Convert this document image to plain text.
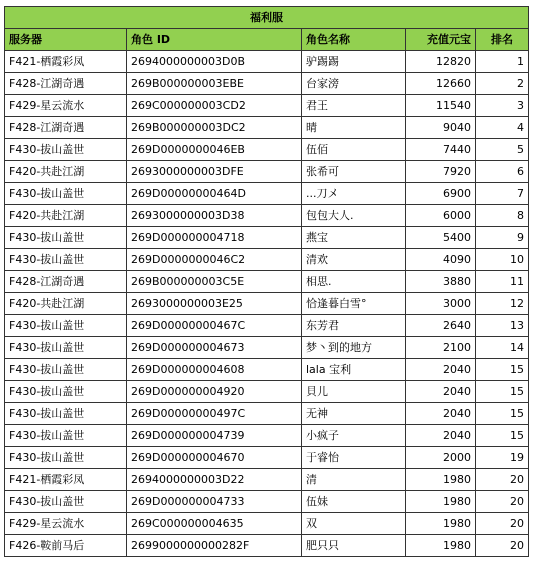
福利服				
服务器	角色 ID	角色名称	充值元宝	排名
F421-栖霞彩凤	2694000000003D0B	驴踢踢	12820	1
F428-江湖奇遇	269B000000003EBE	台家滂	12660	2
F429-星云流水	269C000000003CD2	君王	11540	3
F428-江湖奇遇	269B000000003DC2	晴	9040	4
F430-拔山盖世	269D0000000046EB	伍佰	7440	5
F420-共赴江湖	2693000000003DFE	张希可	7920	6
F430-拔山盖世	269D00000000464D	...刀メ	6900	7
F420-共赴江湖	2693000000003D38	包包大人.	6000	8
F430-拔山盖世	269D000000004718	燕宝	5400	9
F430-拔山盖世	269D0000000046C2	清欢	4090	10
F428-江湖奇遇	269B000000003C5E	相思.	3880	11
F420-共赴江湖	2693000000003E25	恰逢暮白雪°	3000	12
F430-拔山盖世	269D00000000467C	东芳君	2640	13
F430-拔山盖世	269D000000004673	梦丶到的地方	2100	14
F430-拔山盖世	269D000000004608	lala 宝利	2040	15
F430-拔山盖世	269D000000004920	貝儿	2040	15
F430-拔山盖世	269D00000000497C	无神	2040	15
F430-拔山盖世	269D000000004739	小疯子	2040	15
F430-拔山盖世	269D000000004670	于睿怡	2000	19
F421-栖霞彩凤	2694000000003D22	清	1980	20
F430-拔山盖世	269D000000004733	伍妹	1980	20
F429-星云流水	269C000000004635	双	1980	20
F426-鞍前马后	2699000000000282F	肥只只	1980	20
